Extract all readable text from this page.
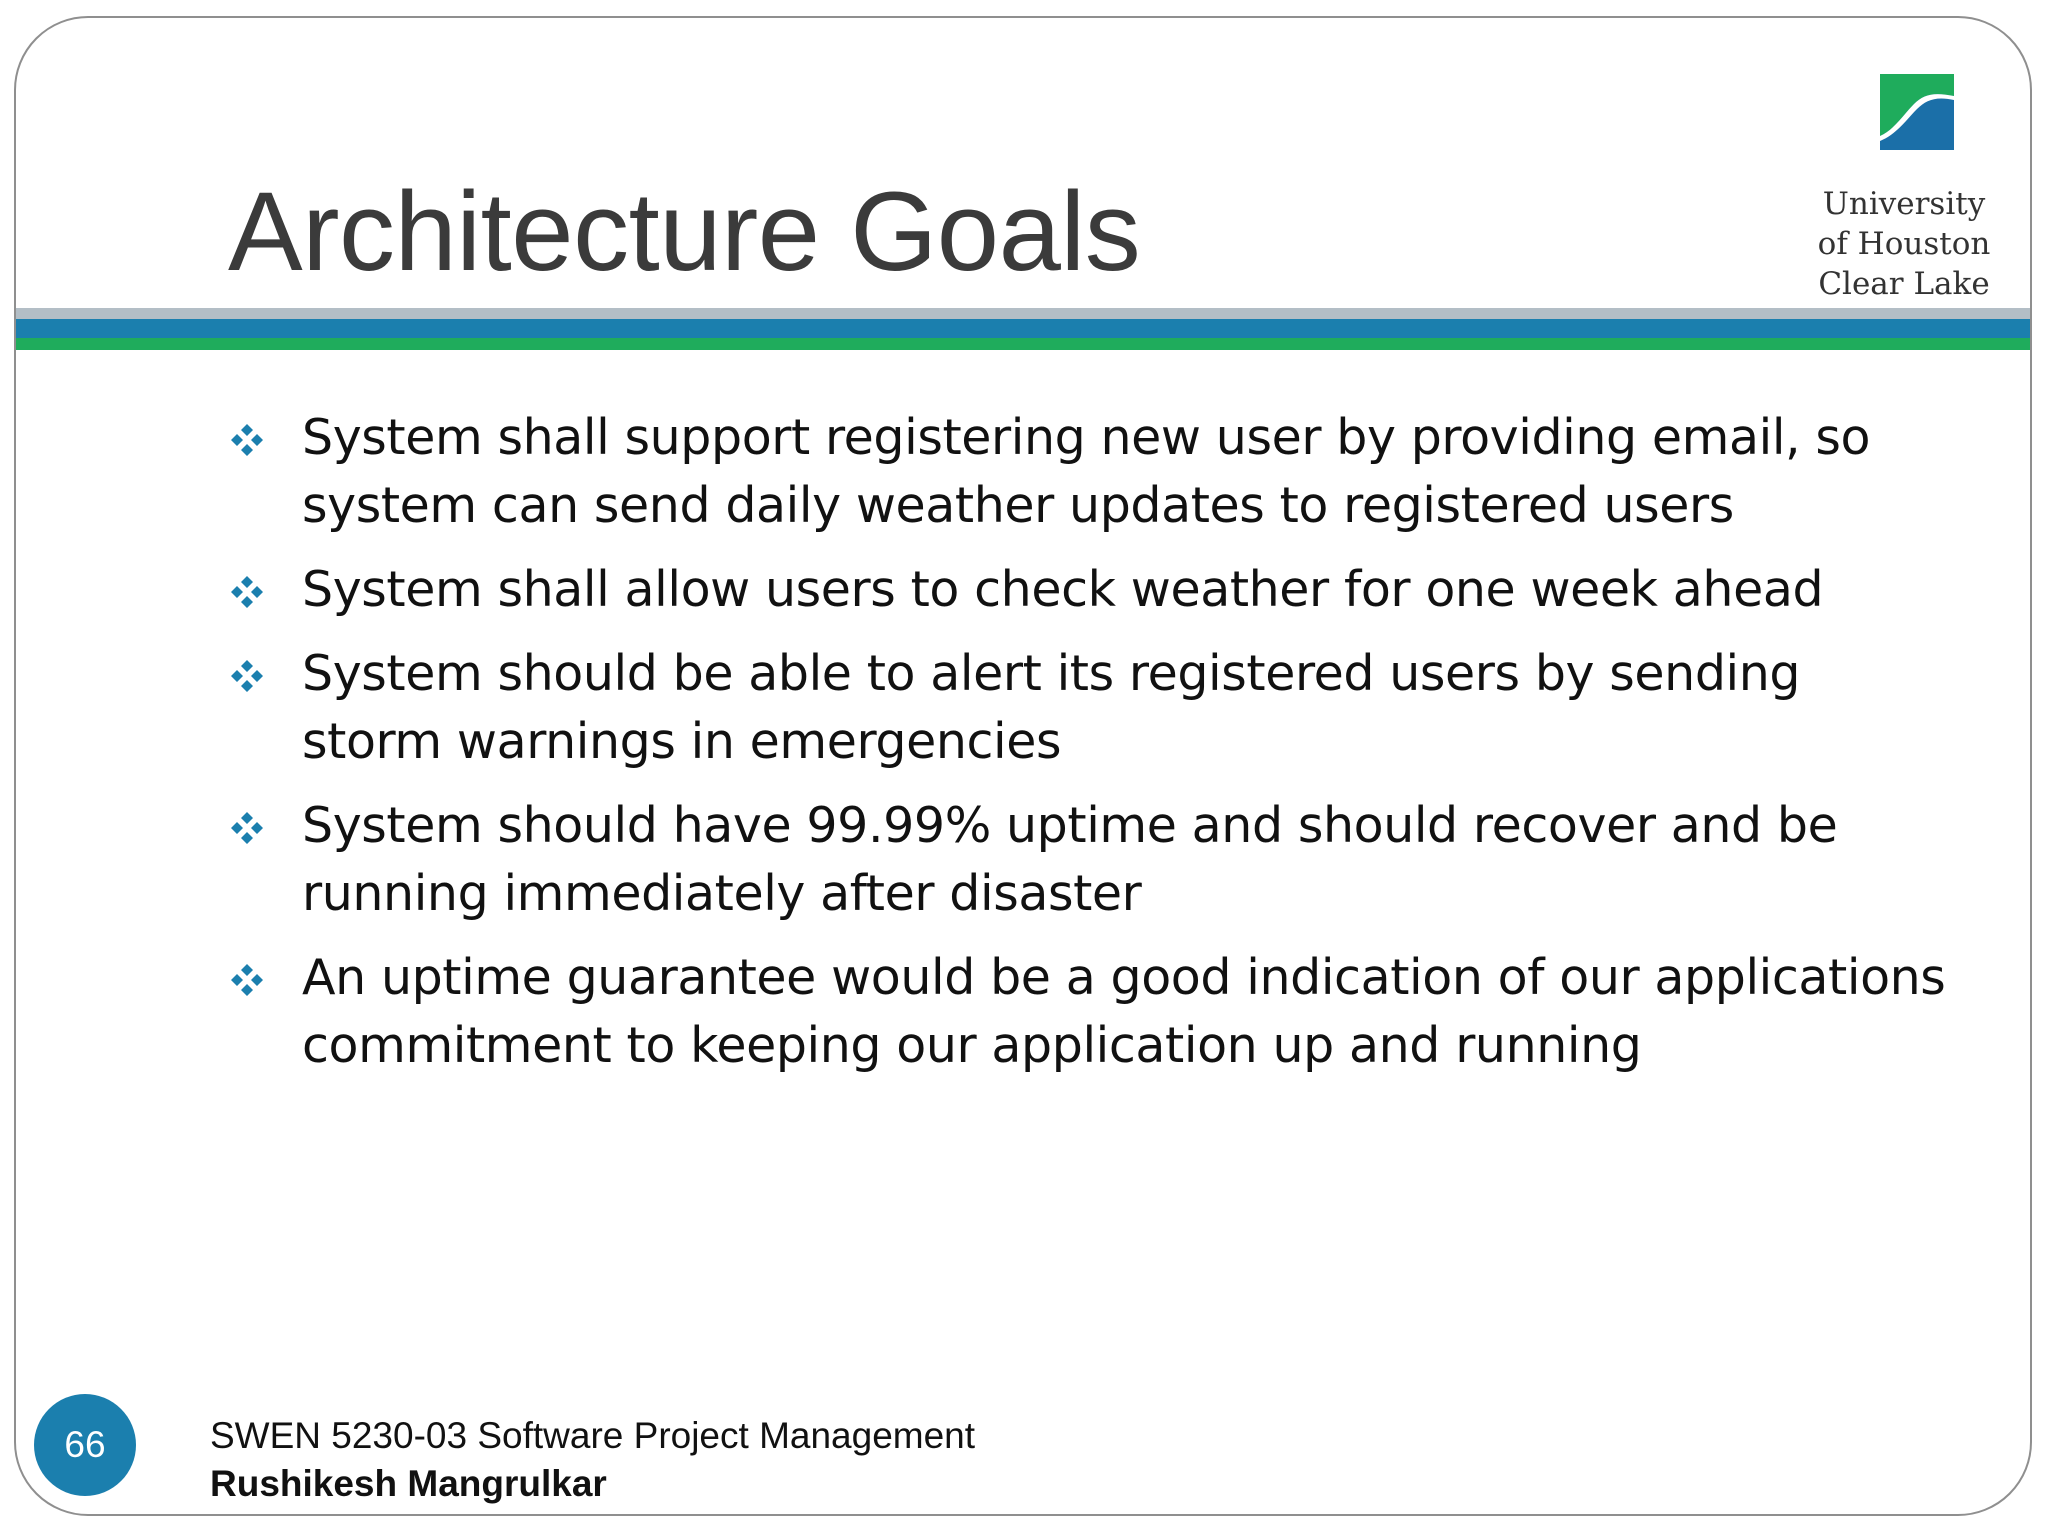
Architecture Goals	University
of Houston
Clear Lake
System shall support registering new user by providing email, so system can send daily weather updates to registered users
System shall allow users to check weather for one week ahead
System should be able to alert its registered users by sending storm warnings in emergencies
System should have 99.99% uptime and should recover and be running immediately after disaster
An uptime guarantee would be a good indication of our applications commitment to keeping our application up and running
66	SWEN 5230-03 Software Project Management
Rushikesh Mangrulkar
